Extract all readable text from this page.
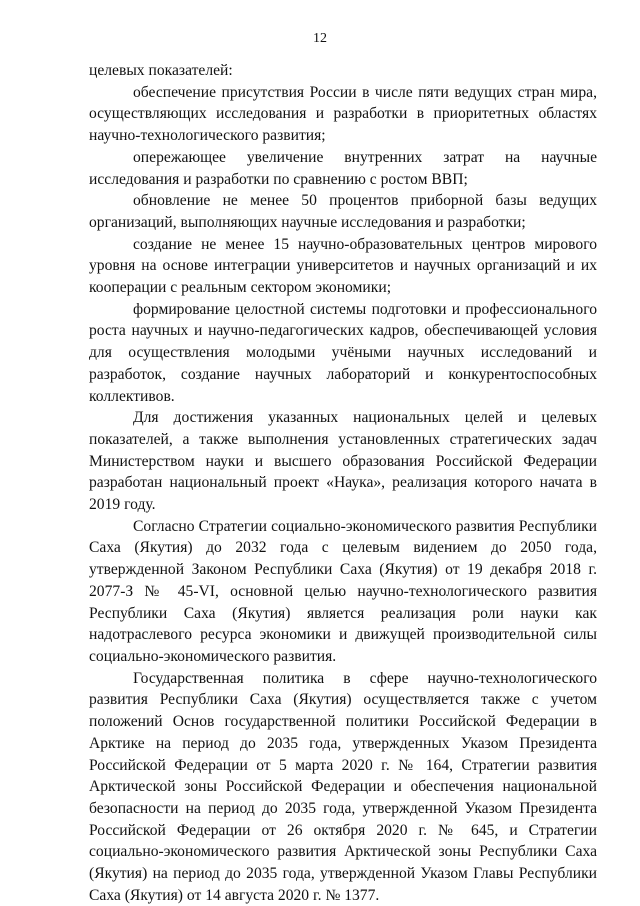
12

целевых показателей:

обеспечение присутствия России в числе пяти ведущих стран мира, осуществляющих исследования и разработки в приоритетных областях научно-технологического развития;

опережающее увеличение внутренних затрат на научные исследования и разработки по сравнению с ростом ВВП;

обновление не менее 50 процентов приборной базы ведущих организаций, выполняющих научные исследования и разработки;

создание не менее 15 научно-образовательных центров мирового уровня на основе интеграции университетов и научных организаций и их кооперации с реальным сектором экономики;

формирование целостной системы подготовки и профессионального роста научных и научно-педагогических кадров, обеспечивающей условия для осуществления молодыми учёными научных исследований и разработок, создание научных лабораторий и конкурентоспособных коллективов.

Для достижения указанных национальных целей и целевых показателей, а также выполнения установленных стратегических задач Министерством науки и высшего образования Российской Федерации разработан национальный проект «Наука», реализация которого начата в 2019 году.

Согласно Стратегии социально-экономического развития Республики Саха (Якутия) до 2032 года с целевым видением до 2050 года, утвержденной Законом Республики Саха (Якутия) от 19 декабря 2018 г. 2077-З № 45-VI, основной целью научно-технологического развития Республики Саха (Якутия) является реализация роли науки как надотраслевого ресурса экономики и движущей производительной силы социально-экономического развития.

Государственная политика в сфере научно-технологического развития Республики Саха (Якутия) осуществляется также с учетом положений Основ государственной политики Российской Федерации в Арктике на период до 2035 года, утвержденных Указом Президента Российской Федерации от 5 марта 2020 г. № 164, Стратегии развития Арктической зоны Российской Федерации и обеспечения национальной безопасности на период до 2035 года, утвержденной Указом Президента Российской Федерации от 26 октября 2020 г. № 645, и Стратегии социально-экономического развития Арктической зоны Республики Саха (Якутия) на период до 2035 года, утвержденной Указом Главы Республики Саха (Якутия) от 14 августа 2020 г. № 1377.
